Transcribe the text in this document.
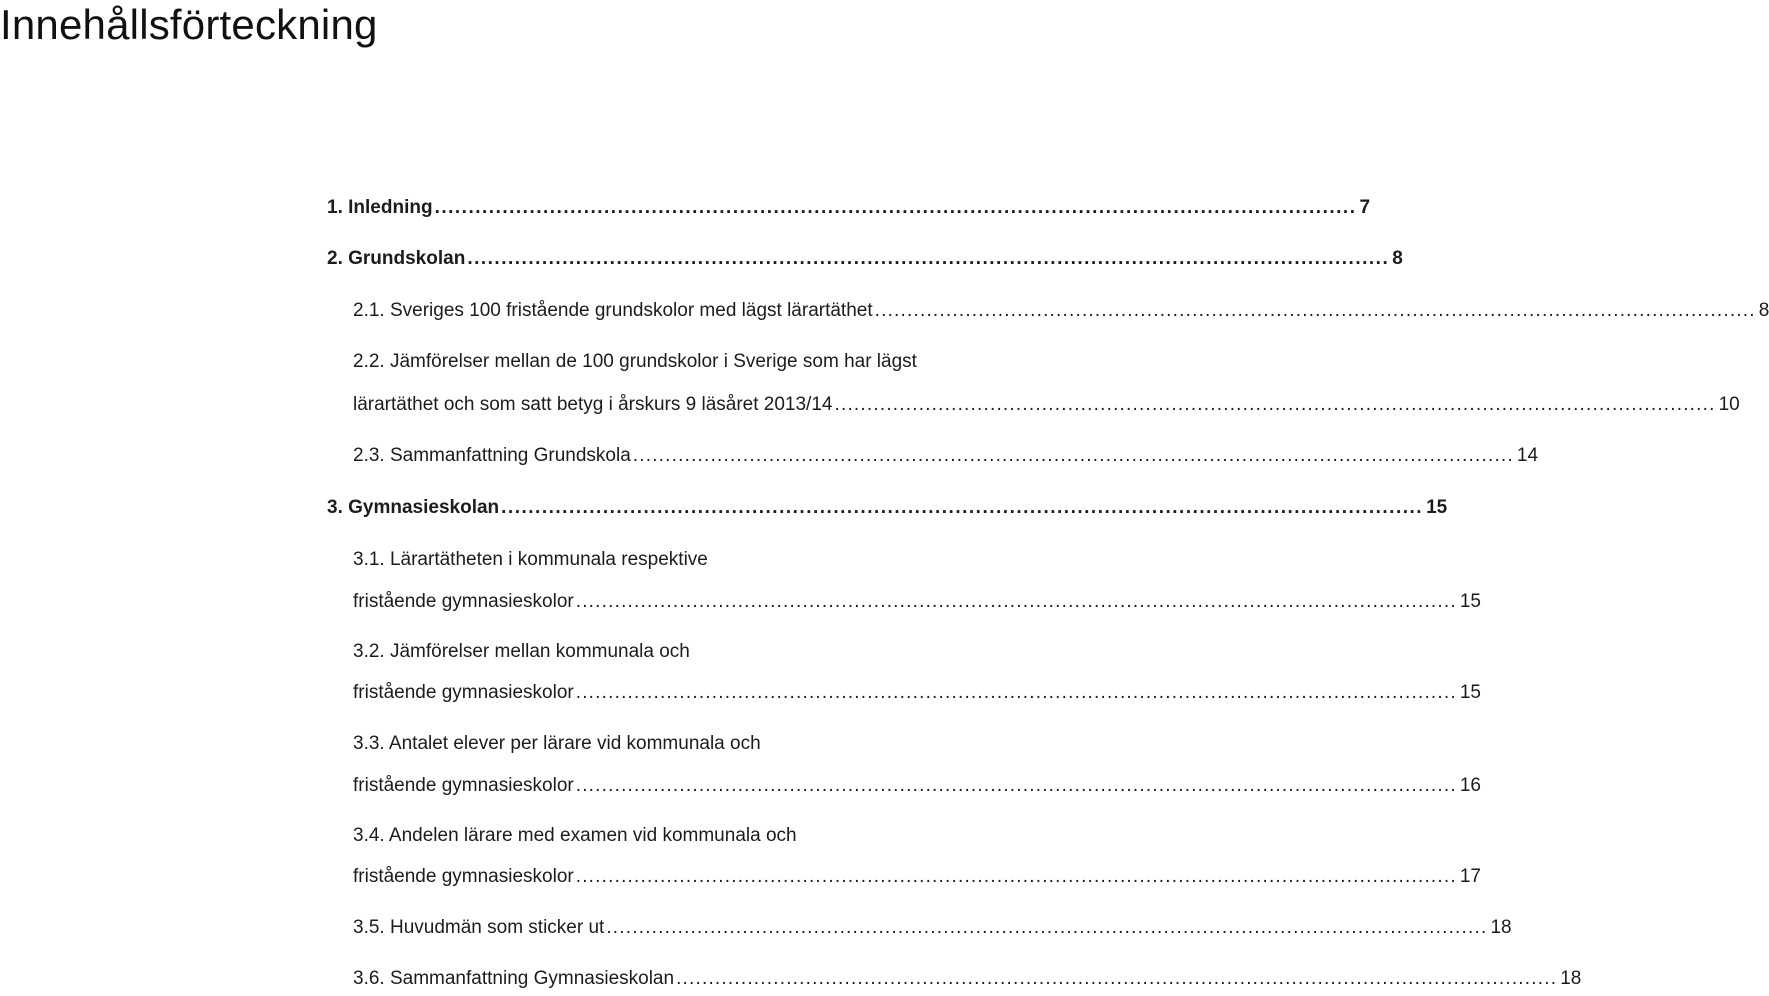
Innehållsförteckning
1. Inledning ........................................................................................................................................ 7
2. Grundskolan ........................................................................................................................................ 8
2.1. Sveriges 100 fristående grundskolor med lägst lärartäthet ........................................................................................................................................ 8
2.2. Jämförelser mellan de 100 grundskolor i Sverige som har lägst
lärartäthet och som satt betyg i årskurs 9 läsåret 2013/14 ........................................................................................................................................ 10
2.3. Sammanfattning Grundskola ........................................................................................................................................ 14
3. Gymnasieskolan ........................................................................................................................................ 15
3.1. Lärartätheten i kommunala respektive
fristående gymnasieskolor ........................................................................................................................................ 15
3.2. Jämförelser mellan kommunala och
fristående gymnasieskolor ........................................................................................................................................ 15
3.3. Antalet elever per lärare vid kommunala och
fristående gymnasieskolor ........................................................................................................................................ 16
3.4. Andelen lärare med examen vid kommunala och
fristående gymnasieskolor ........................................................................................................................................ 17
3.5. Huvudmän som sticker ut ........................................................................................................................................ 18
3.6. Sammanfattning Gymnasieskolan ........................................................................................................................................ 18
